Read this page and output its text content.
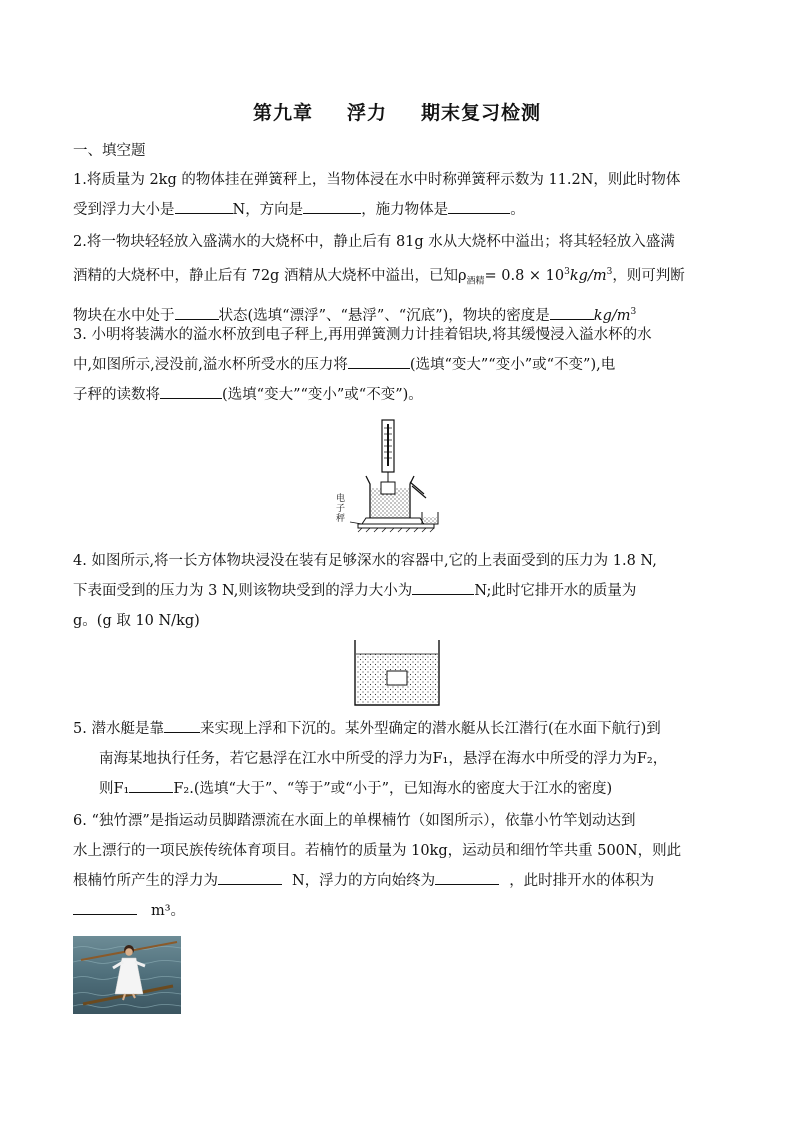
第九章 浮力 期末复习检测
一、填空题
1.将质量为 2kg 的物体挂在弹簧秤上，当物体浸在水中时称弹簧秤示数为 11.2N，则此时物体
受到浮力大小是	N，方向是	，施力物体是	。
2.将一物块轻轻放入盛满水的大烧杯中，静止后有 81g 水从大烧杯中溢出；将其轻轻放入盛满
酒精的大烧杯中，静止后有 72g 酒精从大烧杯中溢出，已知$\rho_{酒精}= 0.8 \times 10^3kg/m^3$，则可判断
物块在水中处于	状态(选填“漂浮”、“悬浮”、“沉底”)，物块的密度是	$kg/m^3$
3. 小明将装满水的溢水杯放到电子秤上,再用弹簧测力计挂着铝块,将其缓慢浸入溢水杯的水
中,如图所示,浸没前,溢水杯所受水的压力将	(选填“变大”“变小”或“不变”),电
子秤的读数将	(选填“变大”“变小”或“不变”)。
电子秤
4. 如图所示,将一长方体物块浸没在装有足够深水的容器中,它的上表面受到的压力为 1.8 N,
下表面受到的压力为 3 N,则该物块受到的浮力大小为	N;此时它排开水的质量为
g。(g 取 10 N/kg)
5. 潜水艇是靠 来实现上浮和下沉的。某外型确定的潜水艇从长江潜行(在水面下航行)到
南海某地执行任务，若它悬浮在江水中所受的浮力为F₁，悬浮在海水中所受的浮力为F₂，
则F₁	F₂.(选填“大于”、“等于”或“小于”，已知海水的密度大于江水的密度)
6. “独竹漂”是指运动员脚踏漂流在水面上的单棵楠竹（如图所示），依靠小竹竿划动达到
水上漂行的一项民族传统体育项目。若楠竹的质量为 10kg，运动员和细竹竿共重 500N，则此
根楠竹所产生的浮力为	N，浮力的方向始终为	，此时排开水的体积为
m³。
